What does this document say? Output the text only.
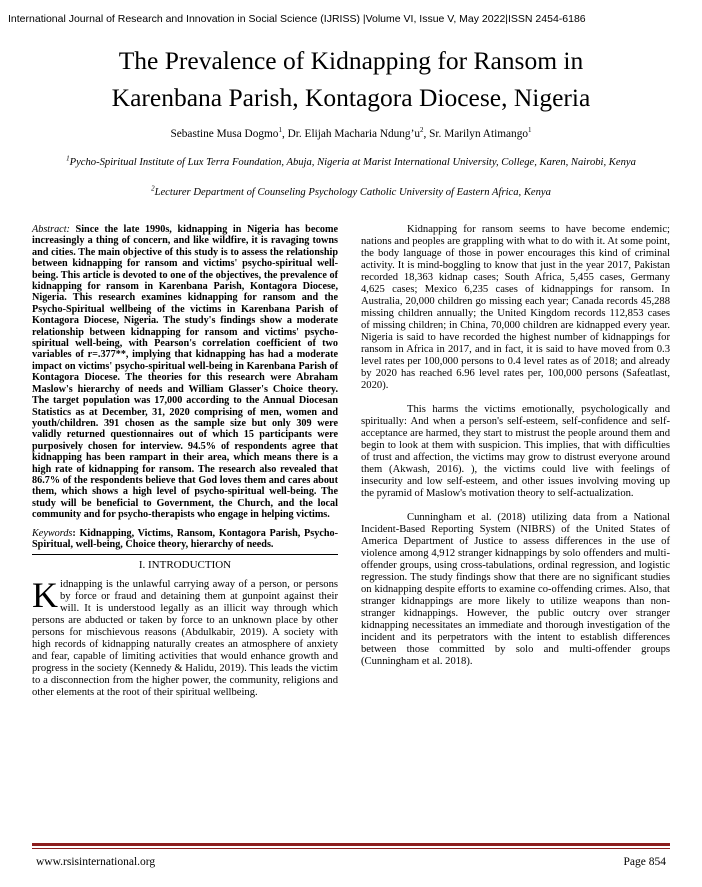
International Journal of Research and Innovation in Social Science (IJRISS) |Volume VI, Issue V, May 2022|ISSN 2454-6186
The Prevalence of Kidnapping for Ransom in
Karenbana Parish, Kontagora Diocese, Nigeria
Sebastine Musa Dogmo$^1$, Dr. Elijah Macharia $Ndung’u^2$, Sr. Marilyn Atimango$^1$
$^1$Pycho-Spiritual Institute of Lux Terra Foundation, Abuja, Nigeria at Marist International University, College, Karen, Nairobi, Kenya
$^2$Lecturer Department of Counseling Psychology Catholic University of Eastern Africa, Kenya
Abstract: Since the late 1990s, kidnapping in Nigeria has become increasingly a thing of concern, and like wildfire, it is ravaging towns and cities. The main objective of this study is to assess the relationship between kidnapping for ransom and victims' psycho-spiritual well-being. This article is devoted to one of the objectives, the prevalence of kidnapping for ransom in Karenbana Parish, Kontagora Diocese, Nigeria. This research examines kidnapping for ransom and the Psycho-Spiritual wellbeing of the victims in Karenbana Parish of Kontagora Diocese, Nigeria. The study's findings show a moderate relationship between kidnapping for ransom and victims' psycho-spiritual well-being, with Pearson's correlation coefficient of two variables of r=.377**, implying that kidnapping has had a moderate impact on victims' psycho-spiritual well-being in Karenbana Parish of Kontagora Diocese. The theories for this research were Abraham Maslow's hierarchy of needs and William Glasser's Choice theory. The target population was 17,000 according to the Annual Diocesan Statistics as at December, 31, 2020 comprising of men, women and youth/children. 391 chosen as the sample size but only 309 were validly returned questionnaires out of which 15 participants were purposively chosen for interview. 94.5% of respondents agree that kidnapping has been rampart in their area, which means there is a high rate of kidnapping for ransom. The research also revealed that 86.7% of the respondents believe that God loves them and cares about them, which shows a high level of psycho-spiritual well-being. The study will be beneficial to Government, the Church, and the local community and for psycho-therapists who engage in helping victims.
Keywords: Kidnapping, Victims, Ransom, Kontagora Parish, Psycho-Spiritual, well-being, Choice theory, hierarchy of needs.
I. INTRODUCTION

Kidnapping is the unlawful carrying away of a person, or persons by force or fraud and detaining them at gunpoint against their will. It is understood legally as an illicit way through which persons are abducted or taken by force to an unknown place by other persons for mischievous reasons (Abdulkabir, 2019). A society with high records of kidnapping naturally creates an atmosphere of anxiety and fear, capable of limiting activities that would enhance growth and progress in the society (Kennedy & Halidu, 2019). This leads the victim to a disconnection from the higher power, the community, religions and other elements at the root of their spiritual wellbeing.

Kidnapping for ransom seems to have become endemic; nations and peoples are grappling with what to do with it. At some point, the body language of those in power encourages this kind of criminal activity. It is mind-boggling to know that just in the year 2017, Pakistan recorded 18,363 kidnap cases; South Africa, 5,455 cases, Germany 4,625 cases; Mexico 6,235 cases of kidnappings for ransom. In Australia, 20,000 children go missing each year; Canada records 45,288 missing children annually; the United Kingdom records 112,853 cases of missing children; in China, 70,000 children are kidnapped every year. Nigeria is said to have recorded the highest number of kidnappings for ransom in Africa in 2017, and in fact, it is said to have moved from 0.3 level rates per 100,000 persons to 0.4 level rates as of 2018; and already by 2020 has reached 6.96 level rates per, 100,000 persons (Safeatlast, 2020).

This harms the victims emotionally, psychologically and spiritually: And when a person's self-esteem, self-confidence and self-acceptance are harmed, they start to mistrust the people around them and begin to look at them with suspicion. This implies, that with difficulties of trust and affection, the victims may grow to distrust everyone around them (Akwash, 2016). ), the victims could live with feelings of insecurity and low self-esteem, and other issues involving moving up the pyramid of Maslow's motivation theory to self-actualization.

Cunningham et al. (2018) utilizing data from a National Incident-Based Reporting System (NIBRS) of the United States of America Department of Justice to assess differences in the use of violence among 4,912 stranger kidnappings by solo offenders and multi-offender groups, using cross-tabulations, ordinal regression, and logistic regression. The study findings show that there are no significant studies on kidnapping despite efforts to examine co-offending crimes. Also, that stranger kidnappings are more likely to utilize weapons than non-stranger kidnappings. However, the public outcry over stranger kidnapping necessitates an immediate and thorough investigation of the incident and its perpetrators with the intent to establish differences between those committed by solo and multi-offender groups (Cunningham et al. 2018).

www.rsisinternational.org	Page 854
